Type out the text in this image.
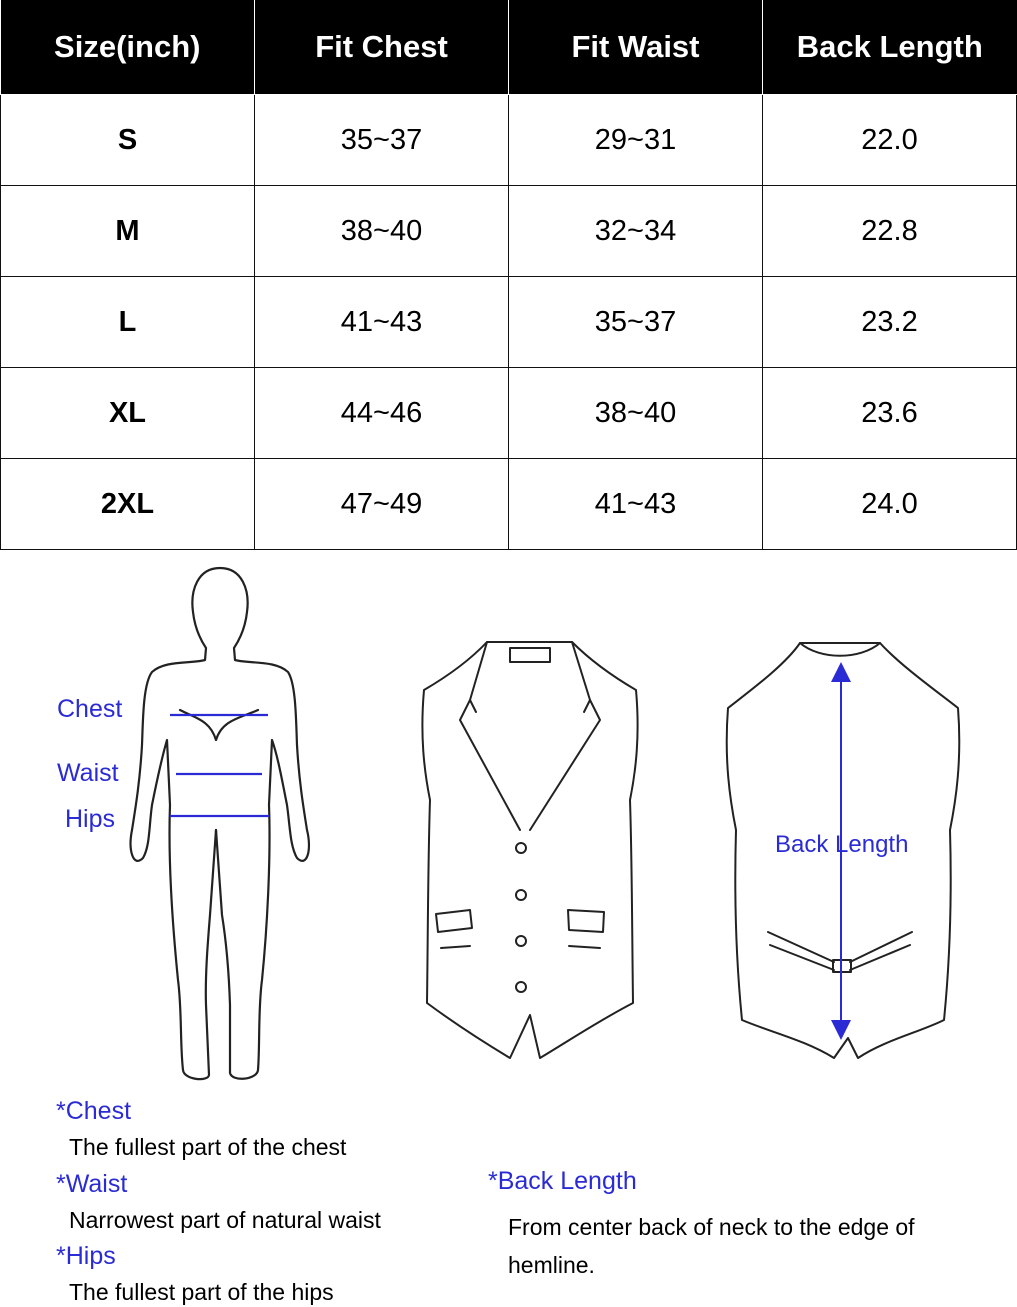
Size(inch)	Fit Chest	Fit Waist	Back Length
S	35~37	29~31	22.0
M	38~40	32~34	22.8
L	41~43	35~37	23.2
XL	44~46	38~40	23.6
2XL	47~49	41~43	24.0
Chest
Waist
Hips
Back Length
*Chest
The fullest part of the chest
*Waist
Narrowest part of natural waist
*Hips
The fullest part of the hips
*Back Length
From center back of neck to the edge of hemline.
